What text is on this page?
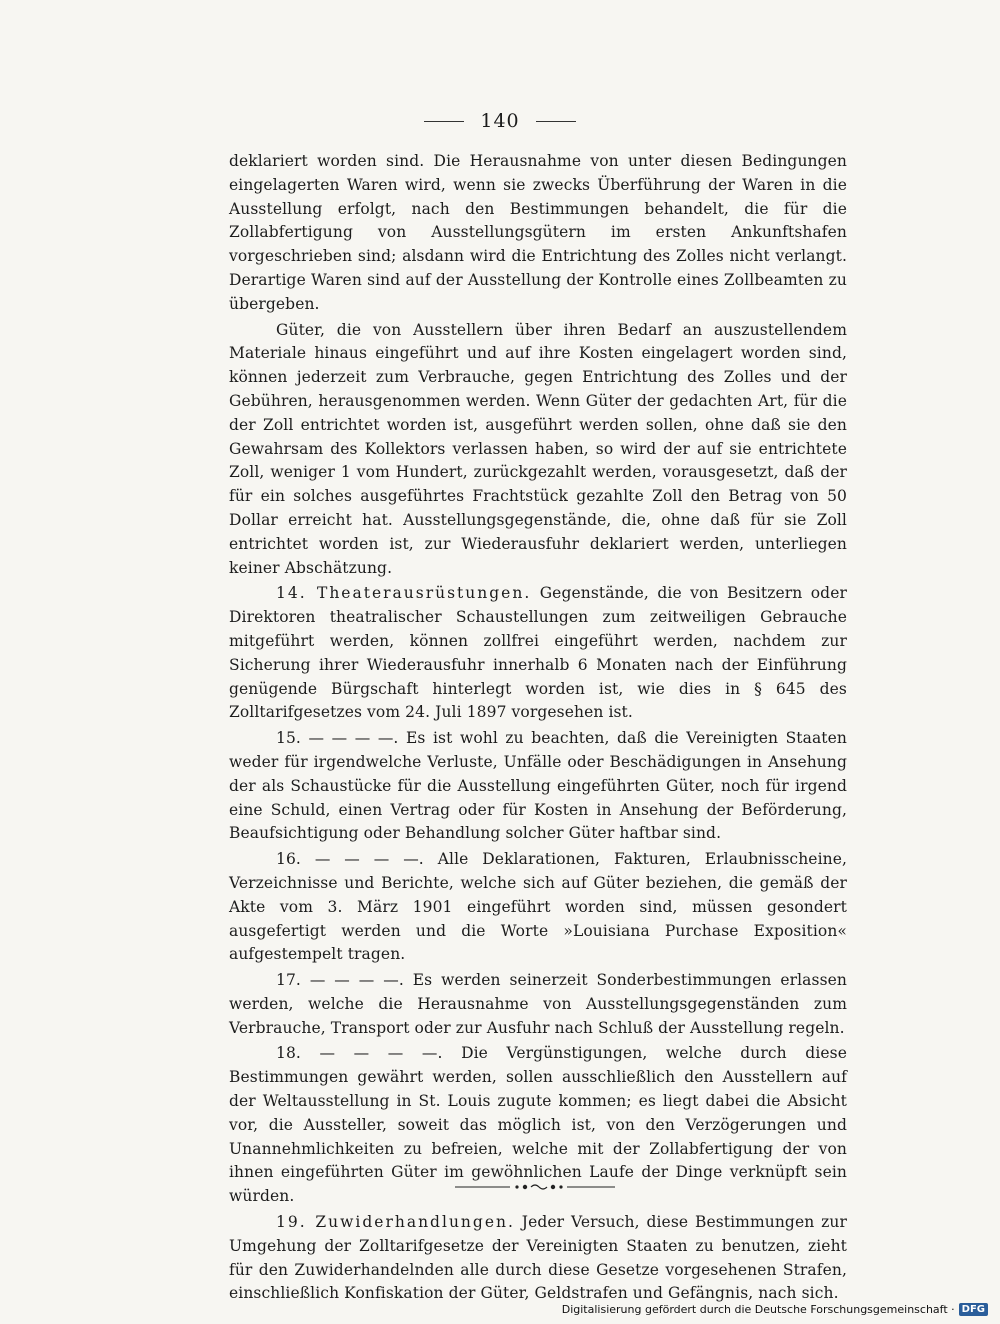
140

deklariert worden sind. Die Herausnahme von unter diesen Bedingungen eingelagerten Waren wird, wenn sie zwecks Überführung der Waren in die Ausstellung erfolgt, nach den Bestimmungen behandelt, die für die Zollabfertigung von Ausstellungsgütern im ersten Ankunftshafen vorgeschrieben sind; alsdann wird die Entrichtung des Zolles nicht verlangt. Derartige Waren sind auf der Ausstellung der Kontrolle eines Zollbeamten zu übergeben.

Güter, die von Ausstellern über ihren Bedarf an auszustellendem Materiale hinaus eingeführt und auf ihre Kosten eingelagert worden sind, können jederzeit zum Verbrauche, gegen Entrichtung des Zolles und der Gebühren, herausgenommen werden. Wenn Güter der gedachten Art, für die der Zoll entrichtet worden ist, ausgeführt werden sollen, ohne daß sie den Gewahrsam des Kollektors verlassen haben, so wird der auf sie entrichtete Zoll, weniger 1 vom Hundert, zurückgezahlt werden, vorausgesetzt, daß der für ein solches ausgeführtes Frachtstück gezahlte Zoll den Betrag von 50 Dollar erreicht hat. Ausstellungsgegenstände, die, ohne daß für sie Zoll entrichtet worden ist, zur Wiederausfuhr deklariert werden, unterliegen keiner Abschätzung.

14. Theaterausrüstungen. Gegenstände, die von Besitzern oder Direktoren theatralischer Schaustellungen zum zeitweiligen Gebrauche mitgeführt werden, können zollfrei eingeführt werden, nachdem zur Sicherung ihrer Wiederausfuhr innerhalb 6 Monaten nach der Einführung genügende Bürgschaft hinterlegt worden ist, wie dies in § 645 des Zolltarifgesetzes vom 24. Juli 1897 vorgesehen ist.

15. — — — —. Es ist wohl zu beachten, daß die Vereinigten Staaten weder für irgendwelche Verluste, Unfälle oder Beschädigungen in Ansehung der als Schaustücke für die Ausstellung eingeführten Güter, noch für irgend eine Schuld, einen Vertrag oder für Kosten in Ansehung der Beförderung, Beaufsichtigung oder Behandlung solcher Güter haftbar sind.

16. — — — —. Alle Deklarationen, Fakturen, Erlaubnisscheine, Verzeichnisse und Berichte, welche sich auf Güter beziehen, die gemäß der Akte vom 3. März 1901 eingeführt worden sind, müssen gesondert ausgefertigt werden und die Worte »Louisiana Purchase Exposition« aufgestempelt tragen.

17. — — — —. Es werden seinerzeit Sonderbestimmungen erlassen werden, welche die Herausnahme von Ausstellungsgegenständen zum Verbrauche, Transport oder zur Ausfuhr nach Schluß der Ausstellung regeln.

18. — — — —. Die Vergünstigungen, welche durch diese Bestimmungen gewährt werden, sollen ausschließlich den Ausstellern auf der Weltausstellung in St. Louis zugute kommen; es liegt dabei die Absicht vor, die Aussteller, soweit das möglich ist, von den Verzögerungen und Unannehmlichkeiten zu befreien, welche mit der Zollabfertigung der von ihnen eingeführten Güter im gewöhnlichen Laufe der Dinge verknüpft sein würden.

19. Zuwiderhandlungen. Jeder Versuch, diese Bestimmungen zur Umgehung der Zolltarifgesetze der Vereinigten Staaten zu benutzen, zieht für den Zuwiderhandelnden alle durch diese Gesetze vorgesehenen Strafen, einschließlich Konfiskation der Güter, Geldstrafen und Gefängnis, nach sich.

Digitalisierung gefördert durch die Deutsche Forschungsgemeinschaft · DFG
